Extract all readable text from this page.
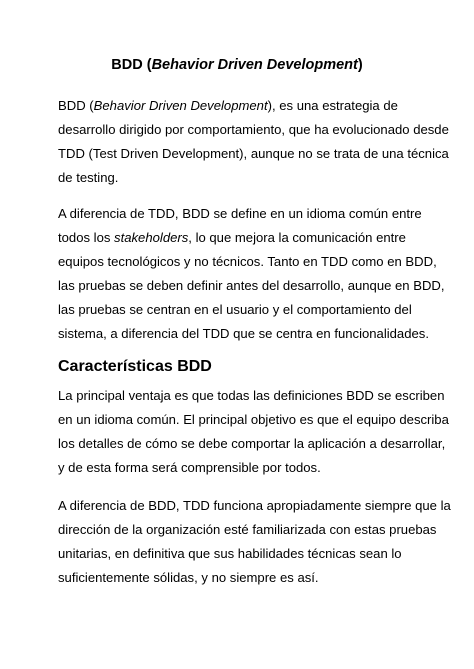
BDD (Behavior Driven Development)

BDD (Behavior Driven Development), es una estrategia de
desarrollo dirigido por comportamiento, que ha evolucionado desde
TDD (Test Driven Development), aunque no se trata de una técnica
de testing.

A diferencia de TDD, BDD se define en un idioma común entre
todos los stakeholders, lo que mejora la comunicación entre
equipos tecnológicos y no técnicos. Tanto en TDD como en BDD,
las pruebas se deben definir antes del desarrollo, aunque en BDD,
las pruebas se centran en el usuario y el comportamiento del
sistema, a diferencia del TDD que se centra en funcionalidades.

Características BDD

La principal ventaja es que todas las definiciones BDD se escriben
en un idioma común. El principal objetivo es que el equipo describa
los detalles de cómo se debe comportar la aplicación a desarrollar,
y de esta forma será comprensible por todos.

A diferencia de BDD, TDD funciona apropiadamente siempre que la
dirección de la organización esté familiarizada con estas pruebas
unitarias, en definitiva que sus habilidades técnicas sean lo
suficientemente sólidas, y no siempre es así.
